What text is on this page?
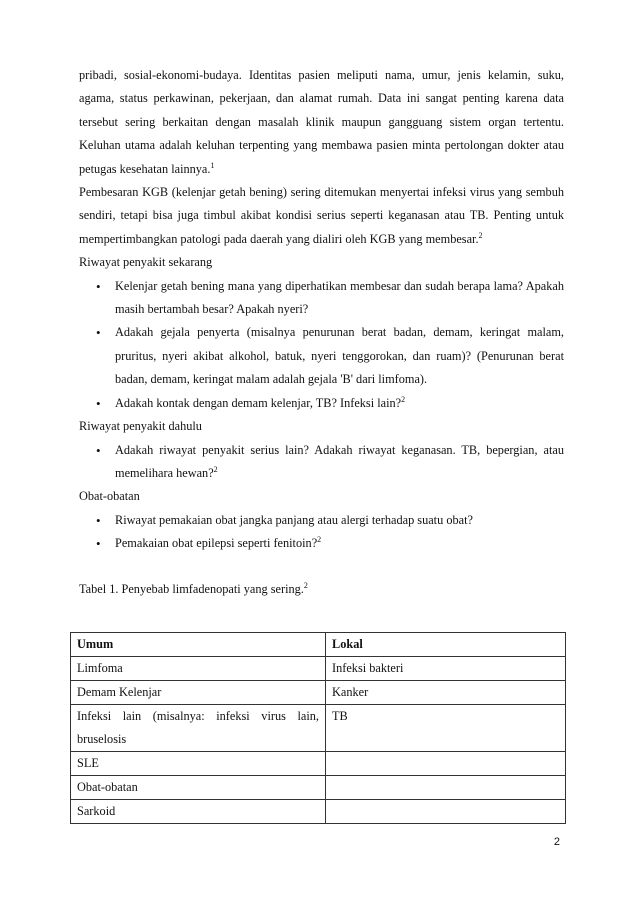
pribadi, sosial-ekonomi-budaya. Identitas pasien meliputi nama, umur, jenis kelamin, suku, agama, status perkawinan, pekerjaan, dan alamat rumah. Data ini sangat penting karena data tersebut sering berkaitan dengan masalah klinik maupun gangguang sistem organ tertentu. Keluhan utama adalah keluhan terpenting yang membawa pasien minta pertolongan dokter atau petugas kesehatan lainnya.$^1$

Pembesaran KGB (kelenjar getah bening) sering ditemukan menyertai infeksi virus yang sembuh sendiri, tetapi bisa juga timbul akibat kondisi serius seperti keganasan atau TB. Penting untuk mempertimbangkan patologi pada daerah yang dialiri oleh KGB yang membesar.$^2$

Riwayat penyakit sekarang

• Kelenjar getah bening mana yang diperhatikan membesar dan sudah berapa lama? Apakah masih bertambah besar? Apakah nyeri?
• Adakah gejala penyerta (misalnya penurunan berat badan, demam, keringat malam, pruritus, nyeri akibat alkohol, batuk, nyeri tenggorokan, dan ruam)? (Penurunan berat badan, demam, keringat malam adalah gejala 'B' dari limfoma).
• Adakah kontak dengan demam kelenjar, TB? Infeksi lain?$^2$

Riwayat penyakit dahulu

• Adakah riwayat penyakit serius lain? Adakah riwayat keganasan. TB, bepergian, atau memelihara hewan?$^2$

Obat-obatan

• Riwayat pemakaian obat jangka panjang atau alergi terhadap suatu obat?
• Pemakaian obat epilepsi seperti fenitoin?$^2$

Tabel 1. Penyebab limfadenopati yang sering.$^2$

Umum	Lokal
Limfoma	Infeksi bakteri
Demam Kelenjar	Kanker
Infeksi lain (misalnya: infeksi virus lain, bruselosis	TB
SLE	
Obat-obatan	
Sarkoid	
2
